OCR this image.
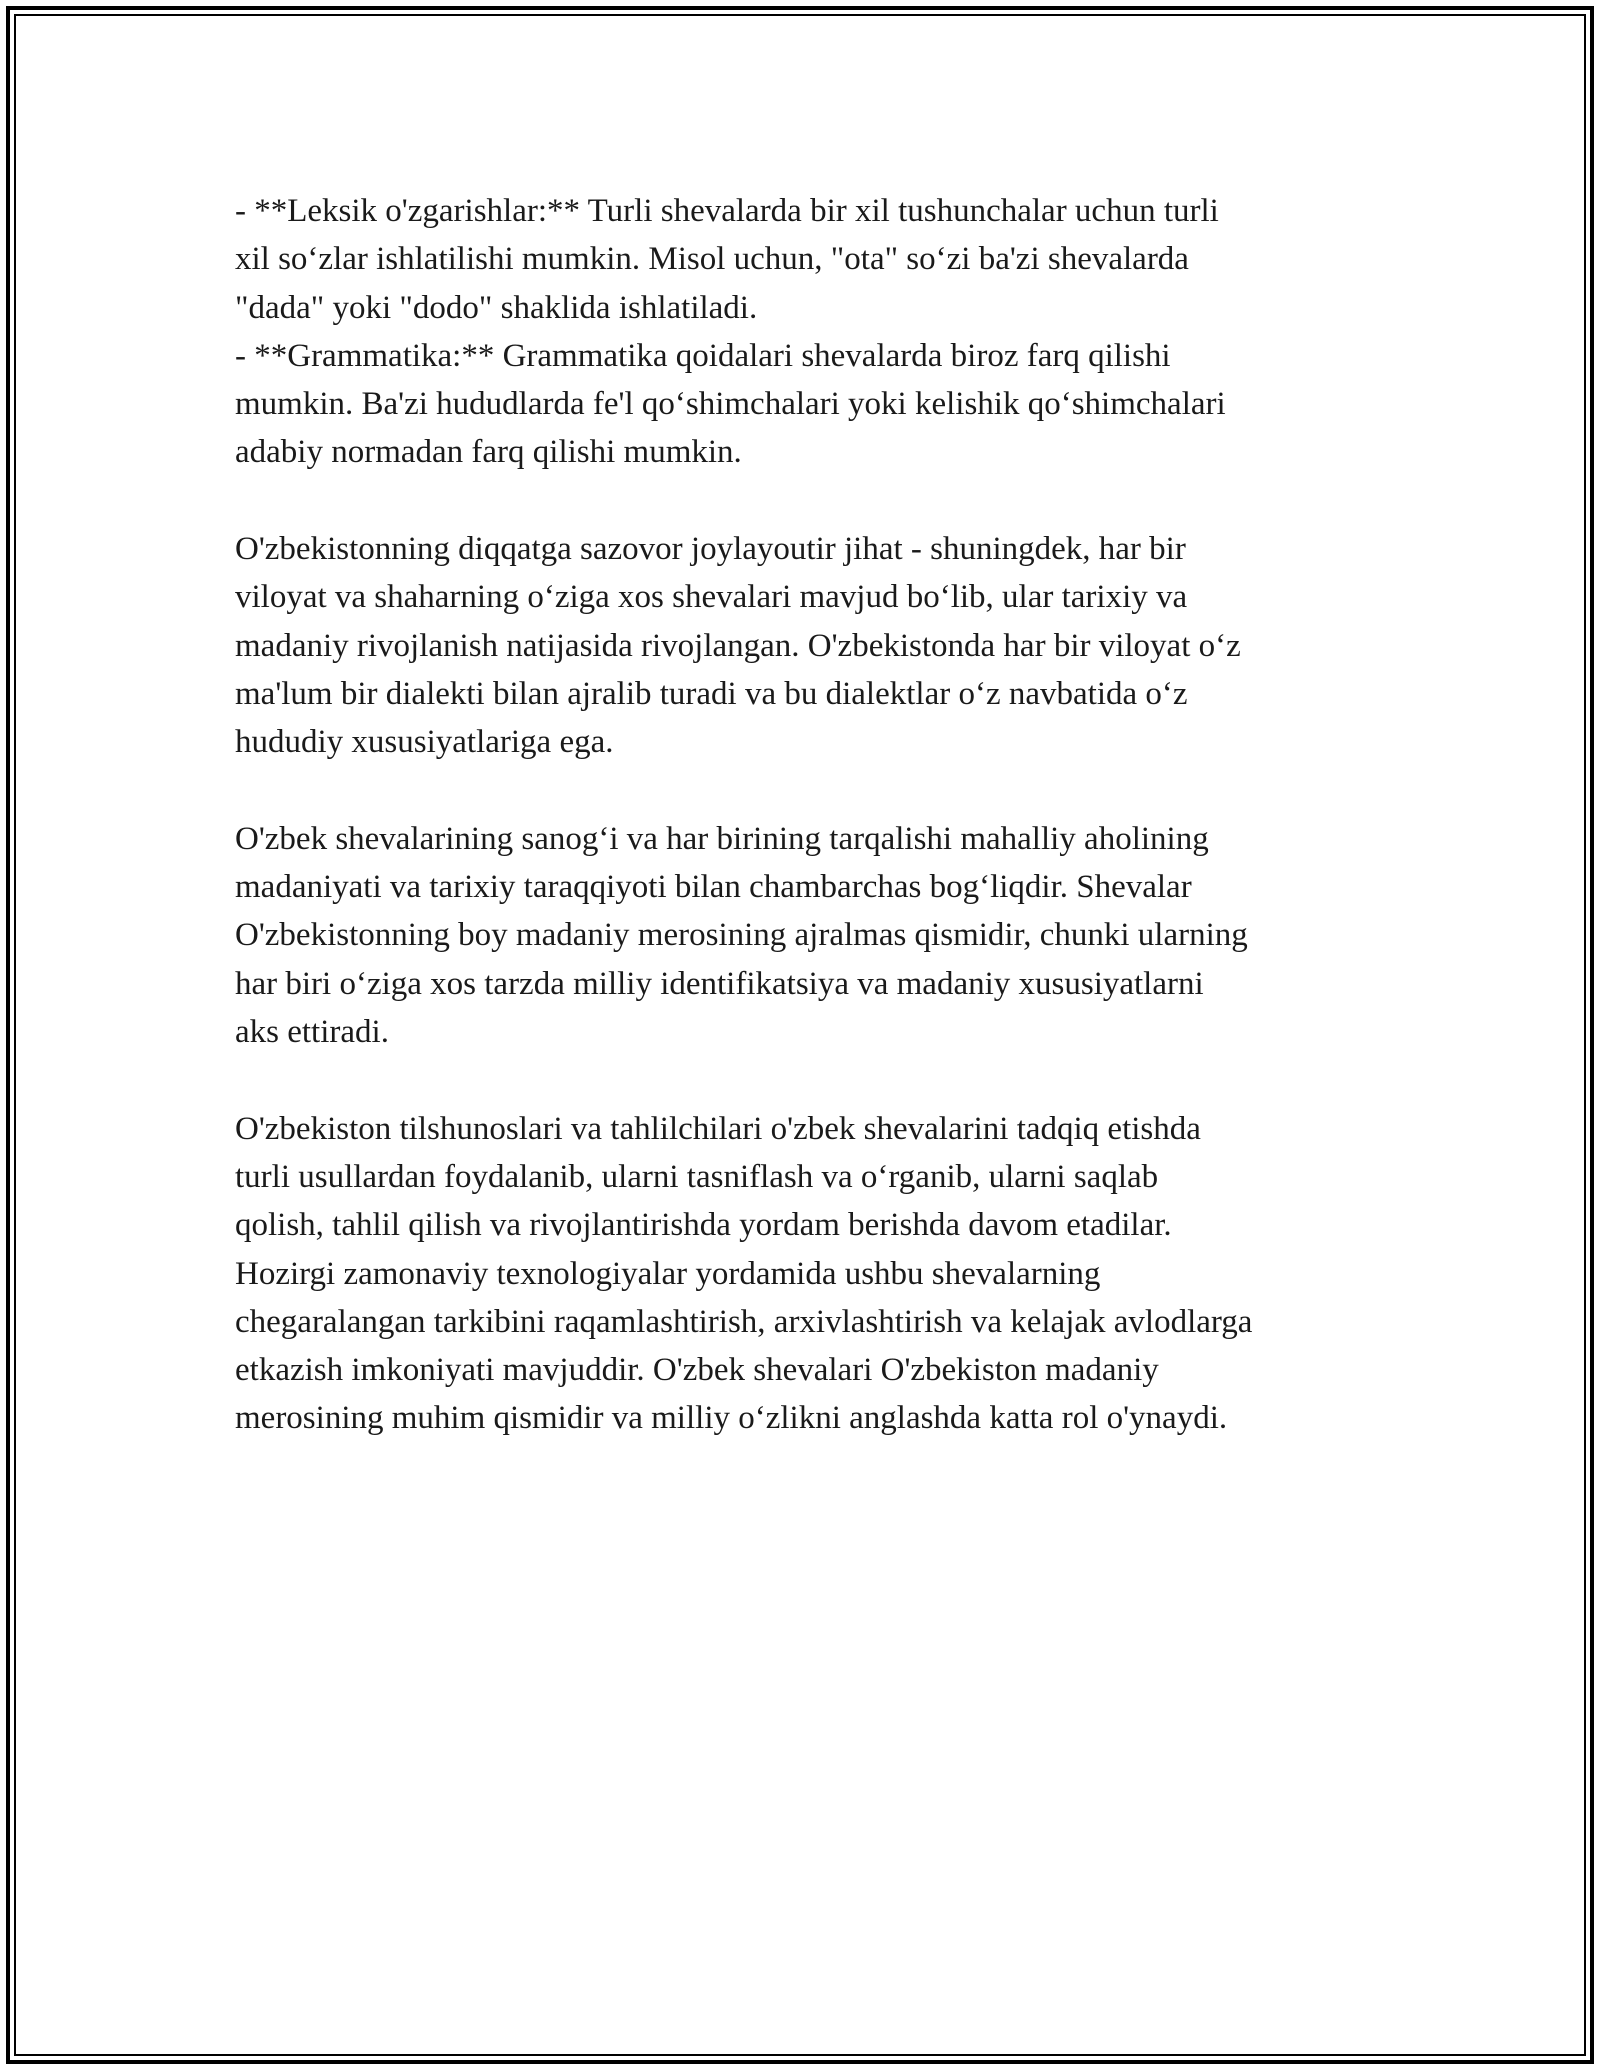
- **Leksik o'zgarishlar:** Turli shevalarda bir xil tushunchalar uchun turli
xil so‘zlar ishlatilishi mumkin. Misol uchun, "ota" so‘zi ba'zi shevalarda
"dada" yoki "dodo" shaklida ishlatiladi.
- **Grammatika:** Grammatika qoidalari shevalarda biroz farq qilishi
mumkin. Ba'zi hududlarda fe'l qo‘shimchalari yoki kelishik qo‘shimchalari
adabiy normadan farq qilishi mumkin.
O'zbekistonning diqqatga sazovor joylayoutir jihat - shuningdek, har bir
viloyat va shaharning o‘ziga xos shevalari mavjud bo‘lib, ular tarixiy va
madaniy rivojlanish natijasida rivojlangan. O'zbekistonda har bir viloyat o‘z
ma'lum bir dialekti bilan ajralib turadi va bu dialektlar o‘z navbatida o‘z
hududiy xususiyatlariga ega.
O'zbek shevalarining sanog‘i va har birining tarqalishi mahalliy aholining
madaniyati va tarixiy taraqqiyoti bilan chambarchas bog‘liqdir. Shevalar
O'zbekistonning boy madaniy merosining ajralmas qismidir, chunki ularning
har biri o‘ziga xos tarzda milliy identifikatsiya va madaniy xususiyatlarni
aks ettiradi.
O'zbekiston tilshunoslari va tahlilchilari o'zbek shevalarini tadqiq etishda
turli usullardan foydalanib, ularni tasniflash va o‘rganib, ularni saqlab
qolish, tahlil qilish va rivojlantirishda yordam berishda davom etadilar.
Hozirgi zamonaviy texnologiyalar yordamida ushbu shevalarning
chegaralangan tarkibini raqamlashtirish, arxivlashtirish va kelajak avlodlarga
etkazish imkoniyati mavjuddir. O'zbek shevalari O'zbekiston madaniy
merosining muhim qismidir va milliy o‘zlikni anglashda katta rol o'ynaydi.
